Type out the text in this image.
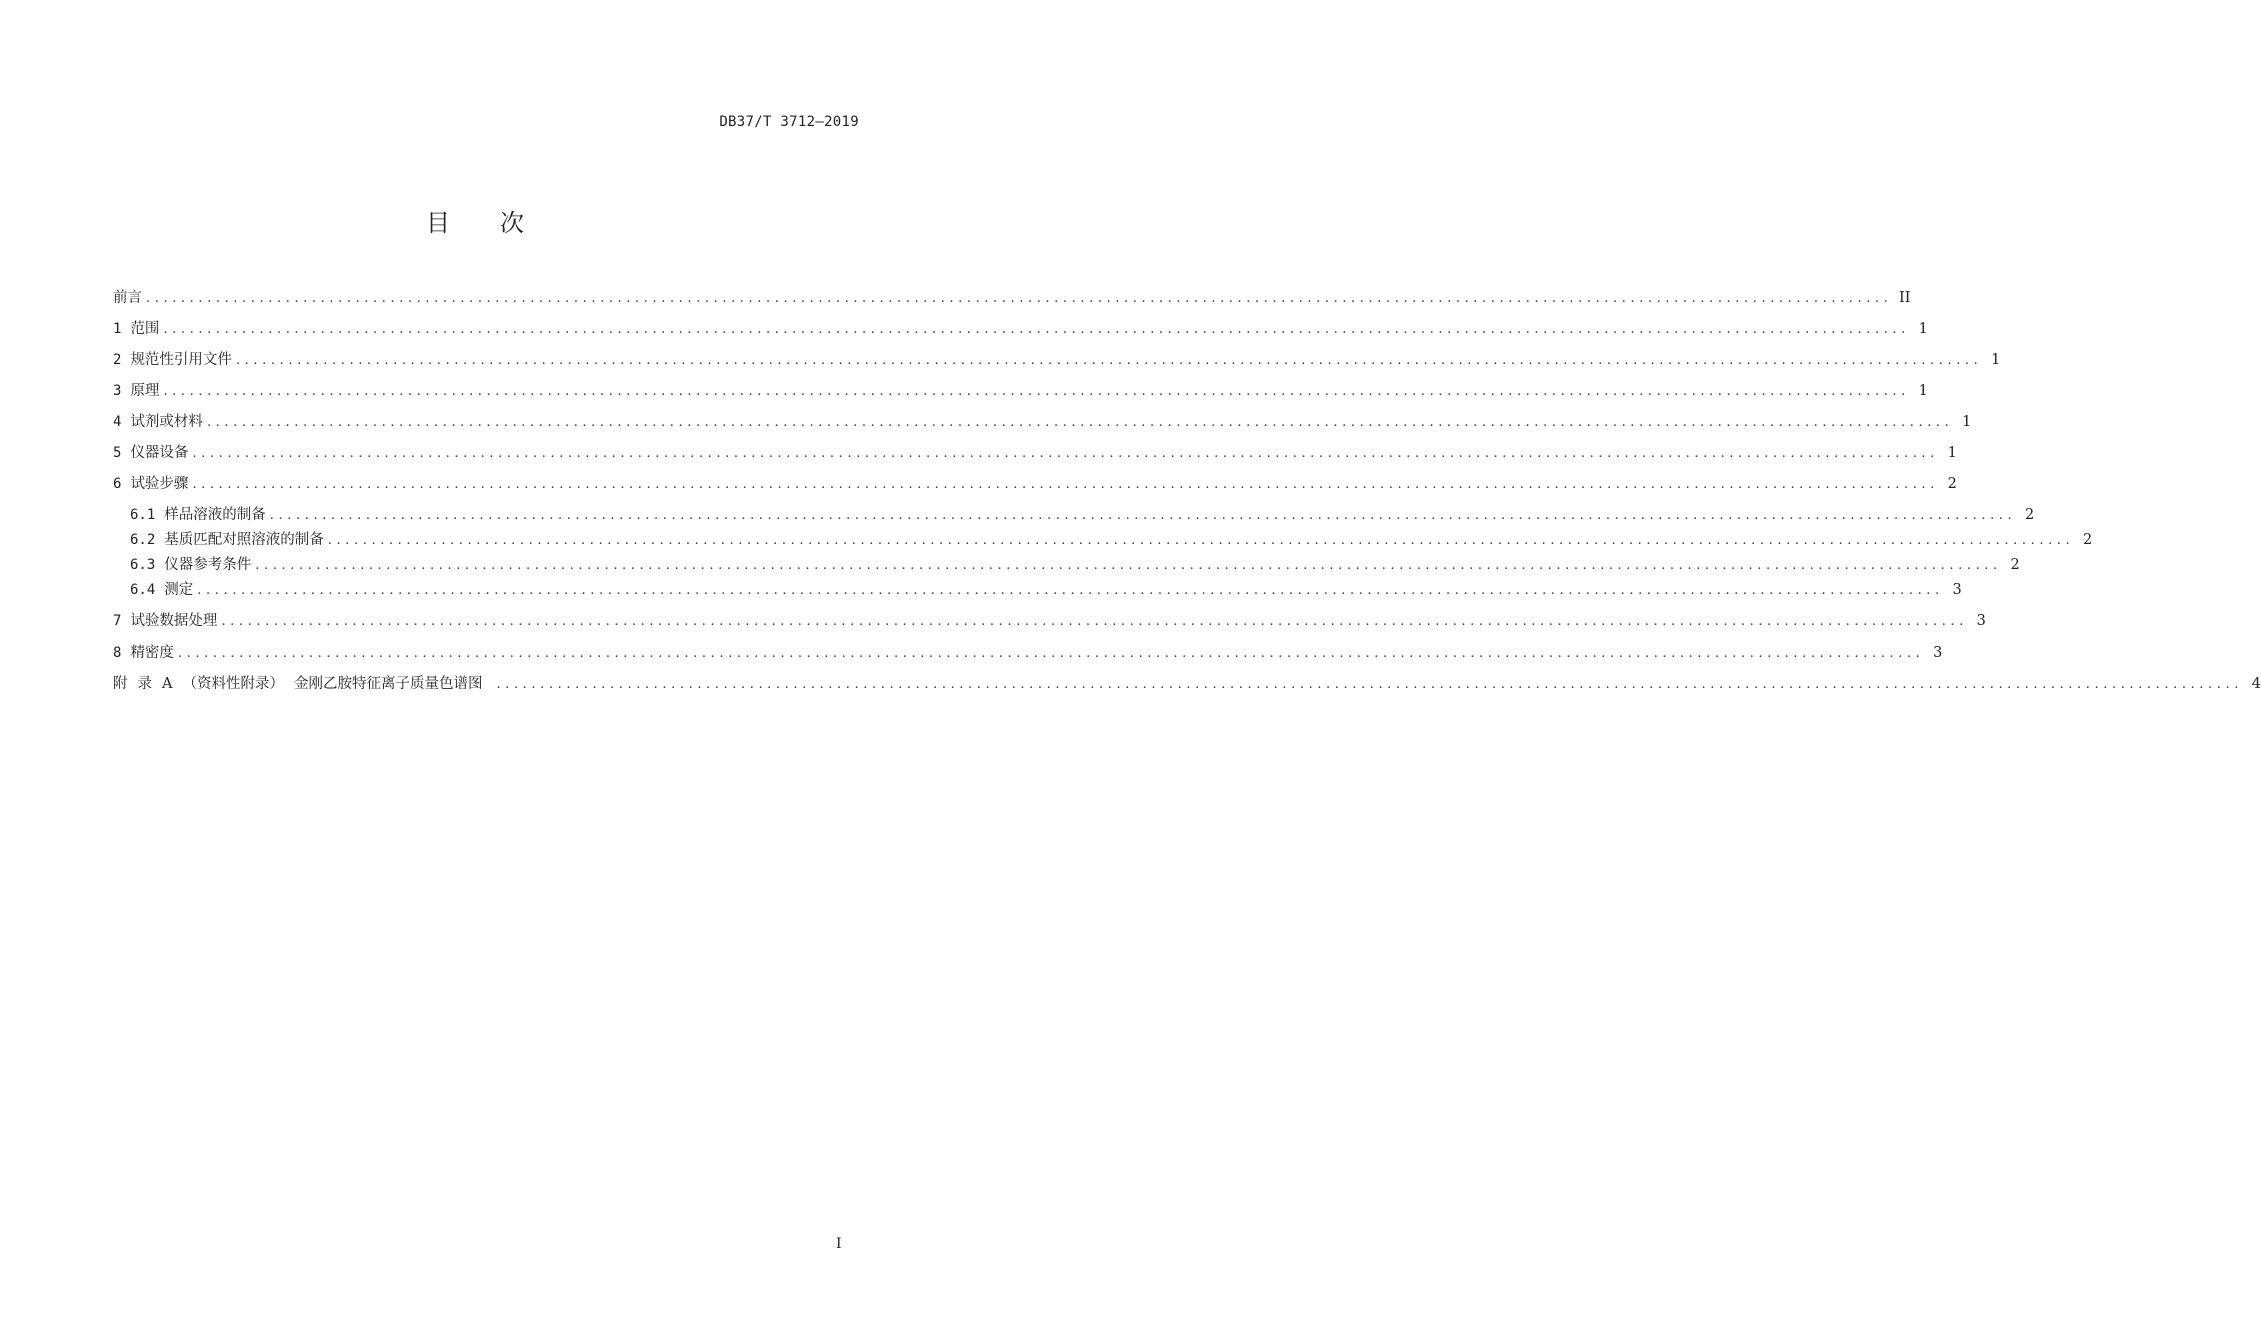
DB37/T 3712—2019
目次
前言 ........................................................................................................................................................................................................ II
1 范围 ........................................................................................................................................................................................................ 1
2 规范性引用文件 ........................................................................................................................................................................................................ 1
3 原理 ........................................................................................................................................................................................................ 1
4 试剂或材料 ........................................................................................................................................................................................................ 1
5 仪器设备 ........................................................................................................................................................................................................ 1
6 试验步骤 ........................................................................................................................................................................................................ 2
6.1 样品溶液的制备 ........................................................................................................................................................................................................ 2
6.2 基质匹配对照溶液的制备 ........................................................................................................................................................................................................ 2
6.3 仪器参考条件 ........................................................................................................................................................................................................ 2
6.4 测定 ........................................................................................................................................................................................................ 3
7 试验数据处理 ........................................................................................................................................................................................................ 3
8 精密度 ........................................................................................................................................................................................................ 3
附 录 A （资料性附录） 金刚乙胺特征离子质量色谱图	........................................................................................................................................................................................................ 4
I
